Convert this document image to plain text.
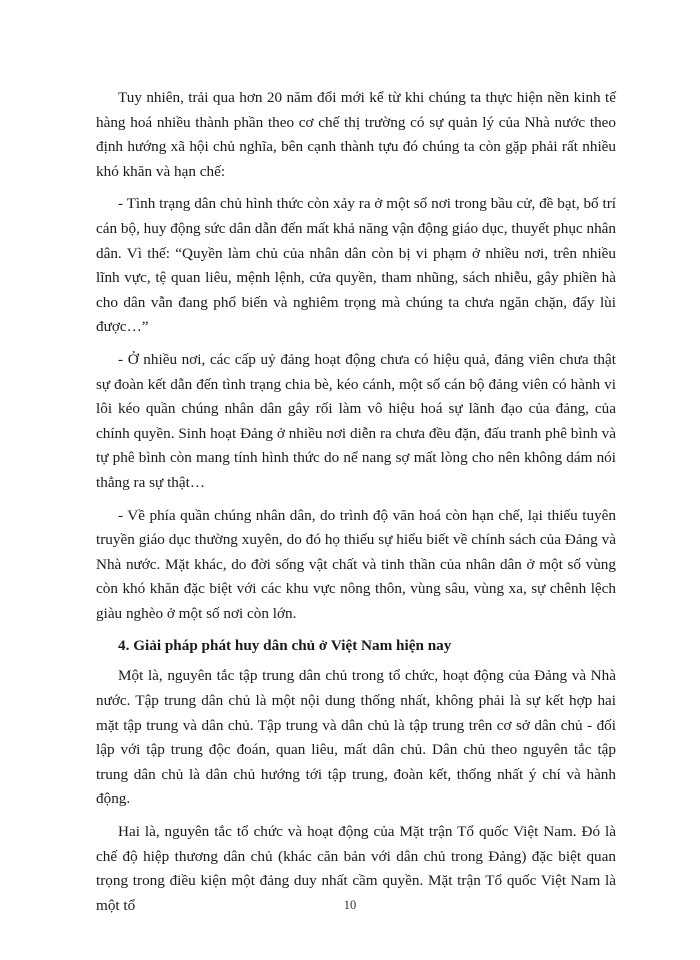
Tuy nhiên, trải qua hơn 20 năm đổi mới kể từ khi chúng ta thực hiện nền kinh tế hàng hoá nhiều thành phần theo cơ chế thị trường có sự quản lý của Nhà nước theo định hướng xã hội chủ nghĩa, bên cạnh thành tựu đó chúng ta còn gặp phải rất nhiều khó khăn và hạn chế:

- Tình trạng dân chủ hình thức còn xảy ra ở một số nơi trong bầu cử, đề bạt, bố trí cán bộ, huy động sức dân dẫn đến mất khả năng vận động giáo dục, thuyết phục nhân dân. Vì thế: “Quyền làm chủ của nhân dân còn bị vi phạm ở nhiều nơi, trên nhiều lĩnh vực, tệ quan liêu, mệnh lệnh, cửa quyền, tham nhũng, sách nhiễu, gây phiền hà cho dân vẫn đang phổ biến và nghiêm trọng mà chúng ta chưa ngăn chặn, đẩy lùi được…”

- Ở nhiều nơi, các cấp uỷ đảng hoạt động chưa có hiệu quả, đảng viên chưa thật sự đoàn kết dẫn đến tình trạng chia bè, kéo cánh, một số cán bộ đảng viên có hành vi lôi kéo quần chúng nhân dân gây rối làm vô hiệu hoá sự lãnh đạo của đảng, của chính quyền. Sinh hoạt Đảng ở nhiều nơi diễn ra chưa đều đặn, đấu tranh phê bình và tự phê bình còn mang tính hình thức do nể nang sợ mất lòng cho nên không dám nói thẳng ra sự thật…

- Về phía quần chúng nhân dân, do trình độ văn hoá còn hạn chế, lại thiếu tuyên truyền giáo dục thường xuyên, do đó họ thiếu sự hiểu biết về chính sách của Đảng và Nhà nước. Mặt khác, do đời sống vật chất và tinh thần của nhân dân ở một số vùng còn khó khăn đặc biệt với các khu vực nông thôn, vùng sâu, vùng xa, sự chênh lệch giàu nghèo ở một số nơi còn lớn.

4. Giải pháp phát huy dân chủ ở Việt Nam hiện nay

Một là, nguyên tắc tập trung dân chủ trong tổ chức, hoạt động của Đảng và Nhà nước. Tập trung dân chủ là một nội dung thống nhất, không phải là sự kết hợp hai mặt tập trung và dân chủ. Tập trung và dân chủ là tập trung trên cơ sở dân chủ - đối lập với tập trung độc đoán, quan liêu, mất dân chủ. Dân chủ theo nguyên tắc tập trung dân chủ là dân chủ hướng tới tập trung, đoàn kết, thống nhất ý chí và hành động.

Hai là, nguyên tắc tổ chức và hoạt động của Mặt trận Tổ quốc Việt Nam. Đó là chế độ hiệp thương dân chủ (khác căn bản với dân chủ trong Đảng) đặc biệt quan trọng trong điều kiện một đảng duy nhất cầm quyền. Mặt trận Tổ quốc Việt Nam là một tổ	10
